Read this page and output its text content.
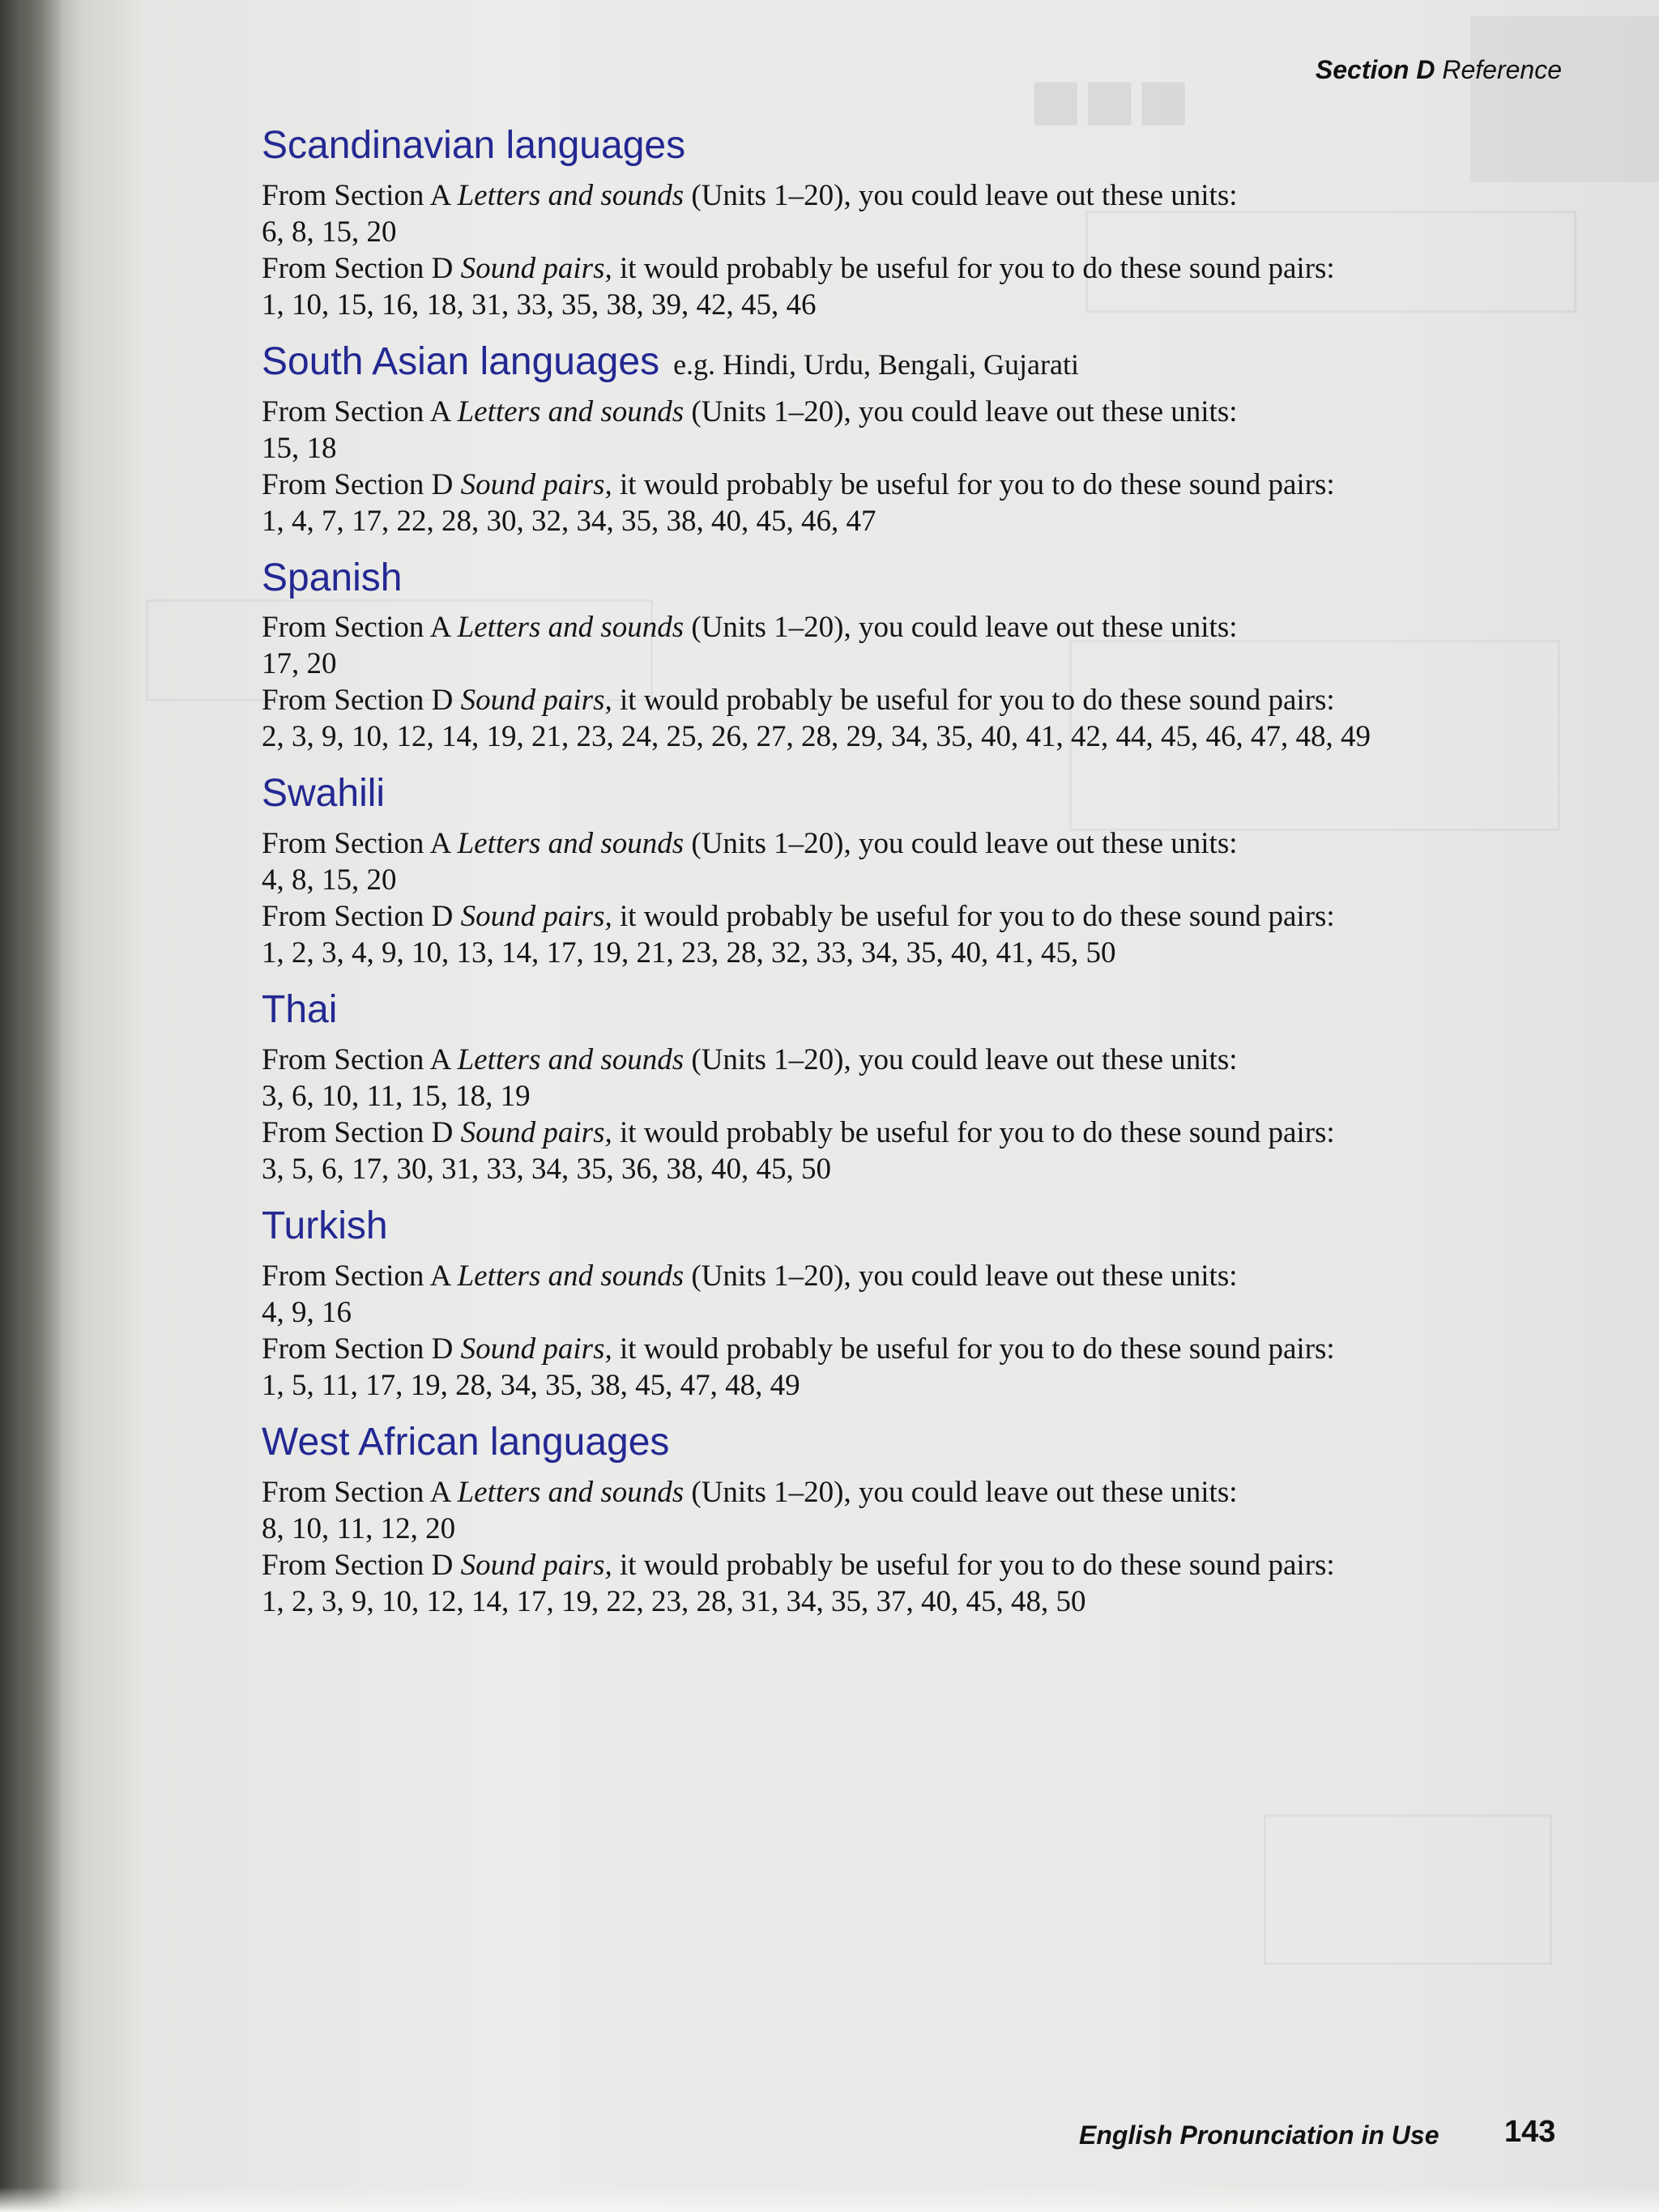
■■■	Section D Reference
Scandinavian languages
From Section A Letters and sounds (Units 1–20), you could leave out these units:
6, 8, 15, 20
From Section D Sound pairs, it would probably be useful for you to do these sound pairs:
1, 10, 15, 16, 18, 31, 33, 35, 38, 39, 42, 45, 46
South Asian languages e.g. Hindi, Urdu, Bengali, Gujarati
From Section A Letters and sounds (Units 1–20), you could leave out these units:
15, 18
From Section D Sound pairs, it would probably be useful for you to do these sound pairs:
1, 4, 7, 17, 22, 28, 30, 32, 34, 35, 38, 40, 45, 46, 47
Spanish
From Section A Letters and sounds (Units 1–20), you could leave out these units:
17, 20
From Section D Sound pairs, it would probably be useful for you to do these sound pairs:
2, 3, 9, 10, 12, 14, 19, 21, 23, 24, 25, 26, 27, 28, 29, 34, 35, 40, 41, 42, 44, 45, 46, 47, 48, 49
Swahili
From Section A Letters and sounds (Units 1–20), you could leave out these units:
4, 8, 15, 20
From Section D Sound pairs, it would probably be useful for you to do these sound pairs:
1, 2, 3, 4, 9, 10, 13, 14, 17, 19, 21, 23, 28, 32, 33, 34, 35, 40, 41, 45, 50
Thai
From Section A Letters and sounds (Units 1–20), you could leave out these units:
3, 6, 10, 11, 15, 18, 19
From Section D Sound pairs, it would probably be useful for you to do these sound pairs:
3, 5, 6, 17, 30, 31, 33, 34, 35, 36, 38, 40, 45, 50
Turkish
From Section A Letters and sounds (Units 1–20), you could leave out these units:
4, 9, 16
From Section D Sound pairs, it would probably be useful for you to do these sound pairs:
1, 5, 11, 17, 19, 28, 34, 35, 38, 45, 47, 48, 49
West African languages
From Section A Letters and sounds (Units 1–20), you could leave out these units:
8, 10, 11, 12, 20
From Section D Sound pairs, it would probably be useful for you to do these sound pairs:
1, 2, 3, 9, 10, 12, 14, 17, 19, 22, 23, 28, 31, 34, 35, 37, 40, 45, 48, 50
English Pronunciation in Use	143
